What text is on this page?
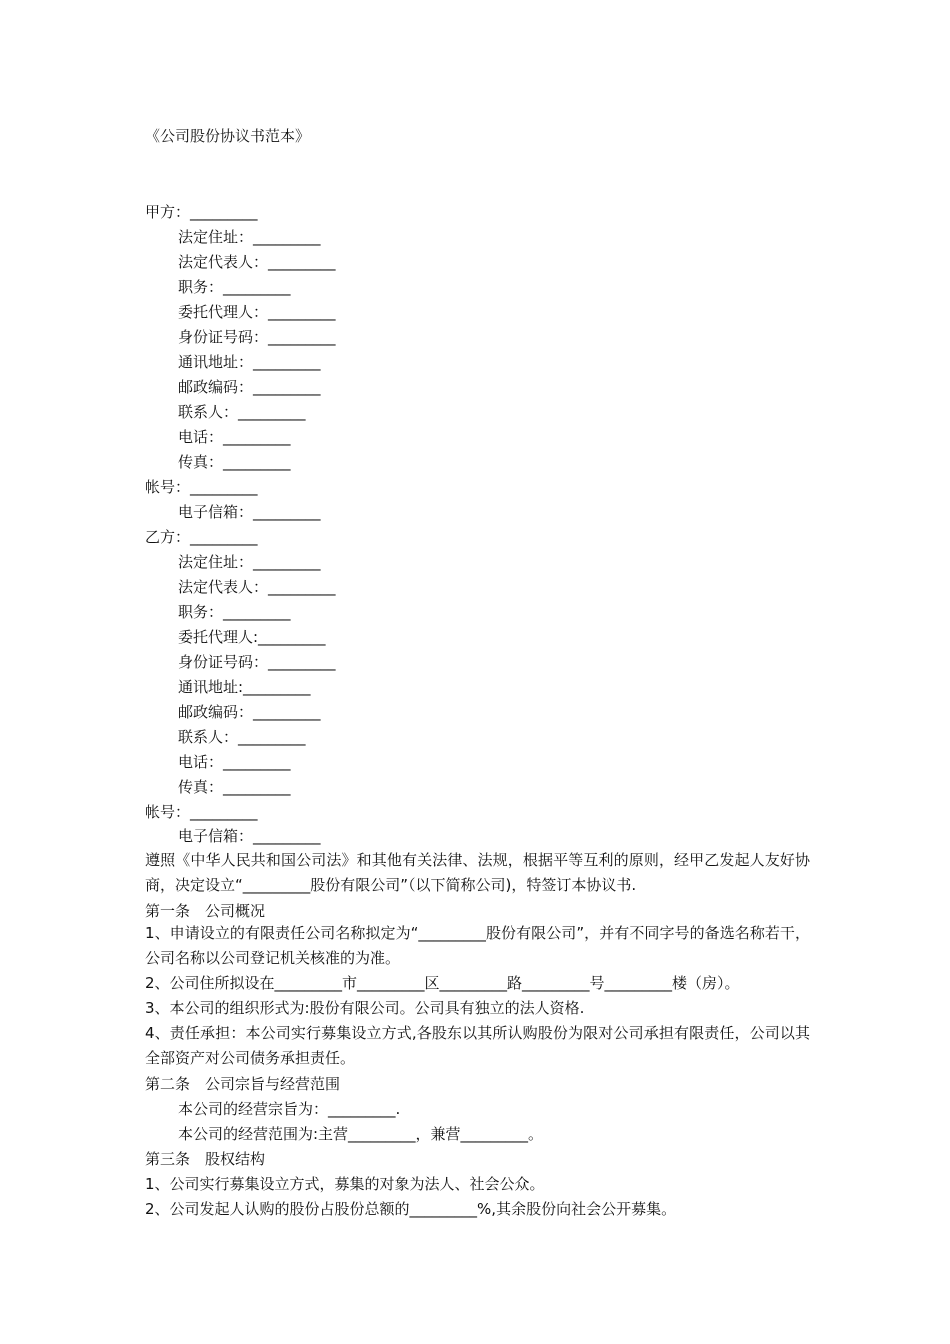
《公司股份协议书范本》
甲方：_________
法定住址：_________
法定代表人：_________
职务：_________
委托代理人：_________
身份证号码：_________
通讯地址：_________
邮政编码：_________
联系人：_________
电话：_________
传真：_________
帐号：_________
电子信箱：_________
乙方：_________
法定住址：_________
法定代表人：_________
职务：_________
委托代理人:_________
身份证号码：_________
通讯地址:_________
邮政编码：_________
联系人：_________
电话：_________
传真：_________
帐号：_________
电子信箱：_________
遵照《中华人民共和国公司法》和其他有关法律、法规，根据平等互利的原则，经甲乙发起人友好协商，决定设立“_________股份有限公司”（以下简称公司)，特签订本协议书.
第一条　公司概况
1、申请设立的有限责任公司名称拟定为“_________股份有限公司”，并有不同字号的备选名称若干，公司名称以公司登记机关核准的为准。
2、公司住所拟设在_________市_________区_________路_________号_________楼（房）。
3、本公司的组织形式为:股份有限公司。公司具有独立的法人资格.
4、责任承担：本公司实行募集设立方式,各股东以其所认购股份为限对公司承担有限责任，公司以其全部资产对公司债务承担责任。
第二条　公司宗旨与经营范围
本公司的经营宗旨为：_________.
本公司的经营范围为:主营_________，兼营_________。
第三条　股权结构
1、公司实行募集设立方式，募集的对象为法人、社会公众。
2、公司发起人认购的股份占股份总额的_________%,其余股份向社会公开募集。
